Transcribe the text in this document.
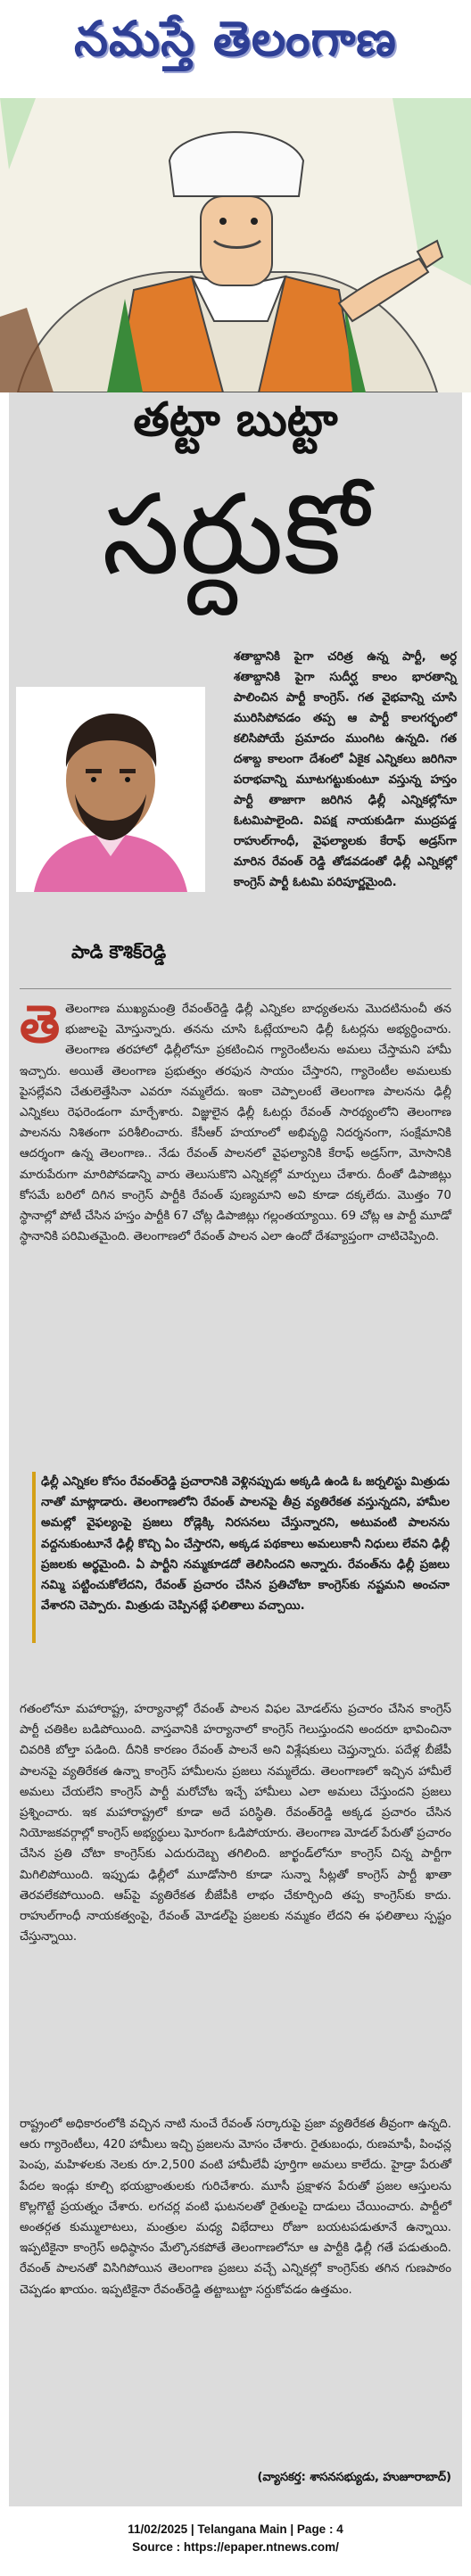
నమస్తే తెలంగాణ
తట్టా బుట్టా
సర్దుకో
పాడి కౌశిక్‌రెడ్డి

శతాబ్దానికి పైగా చరిత్ర ఉన్న పార్టీ, అర్ధ శతాబ్దానికి పైగా సుదీర్ఘ కాలం భారతాన్ని పాలించిన పార్టీ కాంగ్రెస్. గత వైభవాన్ని చూసి మురిసిపోవడం తప్ప ఆ పార్టీ కాలగర్భంలో కలిసిపోయే ప్రమాదం ముంగిట ఉన్నది. గత దశాబ్ద కాలంగా దేశంలో ఏకైక ఎన్నికలు జరిగినా పరాభవాన్ని మూటగట్టుకుంటూ వస్తున్న హస్తం పార్టీ తాజాగా జరిగిన ఢిల్లీ ఎన్నికల్లోనూ ఓటమిపాలైంది. విపక్ష నాయకుడిగా ముద్రపడ్డ రాహుల్‌గాంధీ, వైఫల్యాలకు కేరాఫ్ అడ్రస్‌గా మారిన రేవంత్ రెడ్డి తోడవడంతో ఢిల్లీ ఎన్నికల్లో కాంగ్రెస్ పార్టీ ఓటమి పరిపూర్ణమైంది.

తెతెలంగాణ ముఖ్యమంత్రి రేవంత్‌రెడ్డి ఢిల్లీ ఎన్నికల బాధ్యతలను మొదటినుంచీ తన భుజాలపై మోస్తున్నారు. తనను చూసి ఓట్లేయాలని ఢిల్లీ ఓటర్లను అభ్యర్థించారు. తెలంగాణ తరహాలో ఢిల్లీలోనూ ప్రకటించిన గ్యారెంటీలను అమలు చేస్తామని హామీ ఇచ్చారు. అయితే తెలంగాణ ప్రభుత్వం తరఫున సాయం చేస్తారని, గ్యారెంటీల అమలుకు పైసల్లేవని చేతులెత్తేసినా ఎవరూ నమ్మలేదు. ఇంకా చెప్పాలంటే తెలంగాణ పాలనను ఢిల్లీ ఎన్నికలు రెఫరెండంగా మార్చేశారు. విజ్ఞులైన ఢిల్లీ ఓటర్లు రేవంత్ సారథ్యంలోని తెలంగాణ పాలనను నిశితంగా పరిశీలించారు. కేసీఆర్ హయాంలో అభివృద్ధి నిదర్శనంగా, సంక్షేమానికి ఆదర్శంగా ఉన్న తెలంగాణ.. నేడు రేవంత్ పాలనలో వైఫల్యానికి కేరాఫ్ అడ్రస్‌గా, మోసానికి మారుపేరుగా మారిపోవడాన్ని వారు తెలుసుకొని ఎన్నికల్లో మార్పులు చేశారు. దీంతో డిపాజిట్లు కోసమే బరిలో దిగిన కాంగ్రెస్ పార్టీకి రేవంత్ పుణ్యమాని అవి కూడా దక్కలేదు. మొత్తం 70 స్థానాల్లో పోటీ చేసిన హస్తం పార్టీకి 67 చోట్ల డిపాజిట్లు గల్లంతయ్యాయి. 69 చోట్ల ఆ పార్టీ మూడో స్థానానికి పరిమితమైంది. తెలంగాణలో రేవంత్ పాలన ఎలా ఉందో దేశవ్యాప్తంగా చాటిచెప్పింది.

ఢిల్లీ ఎన్నికల కోసం రేవంత్‌రెడ్డి ప్రచారానికి వెళ్లినప్పుడు అక్కడి ఉండి ఓ జర్నలిస్టు మిత్రుడు నాతో మాట్లాడారు. తెలంగాణలోని రేవంత్ పాలనపై తీవ్ర వ్యతిరేకత వస్తున్నదని, హామీల అమల్లో వైఫల్యంపై ప్రజలు రోడ్లెక్కి నిరసనలు చేస్తున్నారని, అటువంటి పాలనను వద్దనుకుంటూనే ఢిల్లీ కొచ్చి ఏం చేస్తారని, అక్కడ పథకాలు అమలుకానీ నిధులు లేవని ఢిల్లీ ప్రజలకు అర్థమైంది. ఏ పార్టీని నమ్మకూడదో తెలిసిందని అన్నారు. రేవంత్‌ను ఢిల్లీ ప్రజలు నమ్మి పట్టించుకోలేదని, రేవంత్ ప్రచారం చేసిన ప్రతిచోటా కాంగ్రెస్‌కు నష్టమని అంచనా వేశారని చెప్పారు. మిత్రుడు చెప్పినట్లే ఫలితాలు వచ్చాయి.

గతంలోనూ మహారాష్ట్ర, హర్యానాల్లో రేవంత్ పాలన విఫల మోడల్‌ను ప్రచారం చేసిన కాంగ్రెస్ పార్టీ చతికిల బడిపోయింది. వాస్తవానికి హర్యానాలో కాంగ్రెస్ గెలుస్తుందని అందరూ భావించినా చివరికి బోల్తా పడింది. దీనికి కారణం రేవంత్ పాలనే అని విశ్లేషకులు చెప్తున్నారు. పదేళ్ల బీజేపీ పాలనపై వ్యతిరేకత ఉన్నా కాంగ్రెస్ హామీలను ప్రజలు నమ్మలేదు. తెలంగాణలో ఇచ్చిన హామీలే అమలు చేయలేని కాంగ్రెస్ పార్టీ మరోచోట ఇచ్చే హామీలు ఎలా అమలు చేస్తుందని ప్రజలు ప్రశ్నించారు. ఇక మహారాష్ట్రలో కూడా అదే పరిస్థితి. రేవంత్‌రెడ్డి అక్కడ ప్రచారం చేసిన నియోజకవర్గాల్లో కాంగ్రెస్ అభ్యర్థులు ఘోరంగా ఓడిపోయారు. తెలంగాణ మోడల్ పేరుతో ప్రచారం చేసిన ప్రతి చోటా కాంగ్రెస్‌కు ఎదురుదెబ్బ తగిలింది. జార్ఖండ్‌లోనూ కాంగ్రెస్ చిన్న పార్టీగా మిగిలిపోయింది. ఇప్పుడు ఢిల్లీలో మూడోసారి కూడా సున్నా సీట్లతో కాంగ్రెస్ పార్టీ ఖాతా తెరవలేకపోయింది. ఆప్‌పై వ్యతిరేకత బీజేపీకి లాభం చేకూర్చింది తప్ప కాంగ్రెస్‌కు కాదు. రాహుల్‌గాంధీ నాయకత్వంపై, రేవంత్ మోడల్‌పై ప్రజలకు నమ్మకం లేదని ఈ ఫలితాలు స్పష్టం చేస్తున్నాయి.

రాష్ట్రంలో అధికారంలోకి వచ్చిన నాటి నుంచే రేవంత్ సర్కారుపై ప్రజా వ్యతిరేకత తీవ్రంగా ఉన్నది. ఆరు గ్యారెంటీలు, 420 హామీలు ఇచ్చి ప్రజలను మోసం చేశారు. రైతుబంధు, రుణమాఫీ, పింఛన్ల పెంపు, మహిళలకు నెలకు రూ.2,500 వంటి హామీలేవీ పూర్తిగా అమలు కాలేదు. హైడ్రా పేరుతో పేదల ఇండ్లు కూల్చి భయభ్రాంతులకు గురిచేశారు. మూసీ ప్రక్షాళన పేరుతో ప్రజల ఆస్తులను కొల్లగొట్టే ప్రయత్నం చేశారు. లగచర్ల వంటి ఘటనలతో రైతులపై దాడులు చేయించారు. పార్టీలో అంతర్గత కుమ్ములాటలు, మంత్రుల మధ్య విభేదాలు రోజూ బయటపడుతూనే ఉన్నాయి. ఇప్పటికైనా కాంగ్రెస్ అధిష్ఠానం మేల్కొనకపోతే తెలంగాణలోనూ ఆ పార్టీకి ఢిల్లీ గతే పడుతుంది. రేవంత్ పాలనతో విసిగిపోయిన తెలంగాణ ప్రజలు వచ్చే ఎన్నికల్లో కాంగ్రెస్‌కు తగిన గుణపాఠం చెప్పడం ఖాయం. ఇప్పటికైనా రేవంత్‌రెడ్డి తట్టాబుట్టా సర్దుకోవడం ఉత్తమం.

(వ్యాసకర్త: శాసనసభ్యుడు, హుజూరాబాద్)
11/02/2025 | Telangana Main | Page : 4
Source : https://epaper.ntnews.com/
